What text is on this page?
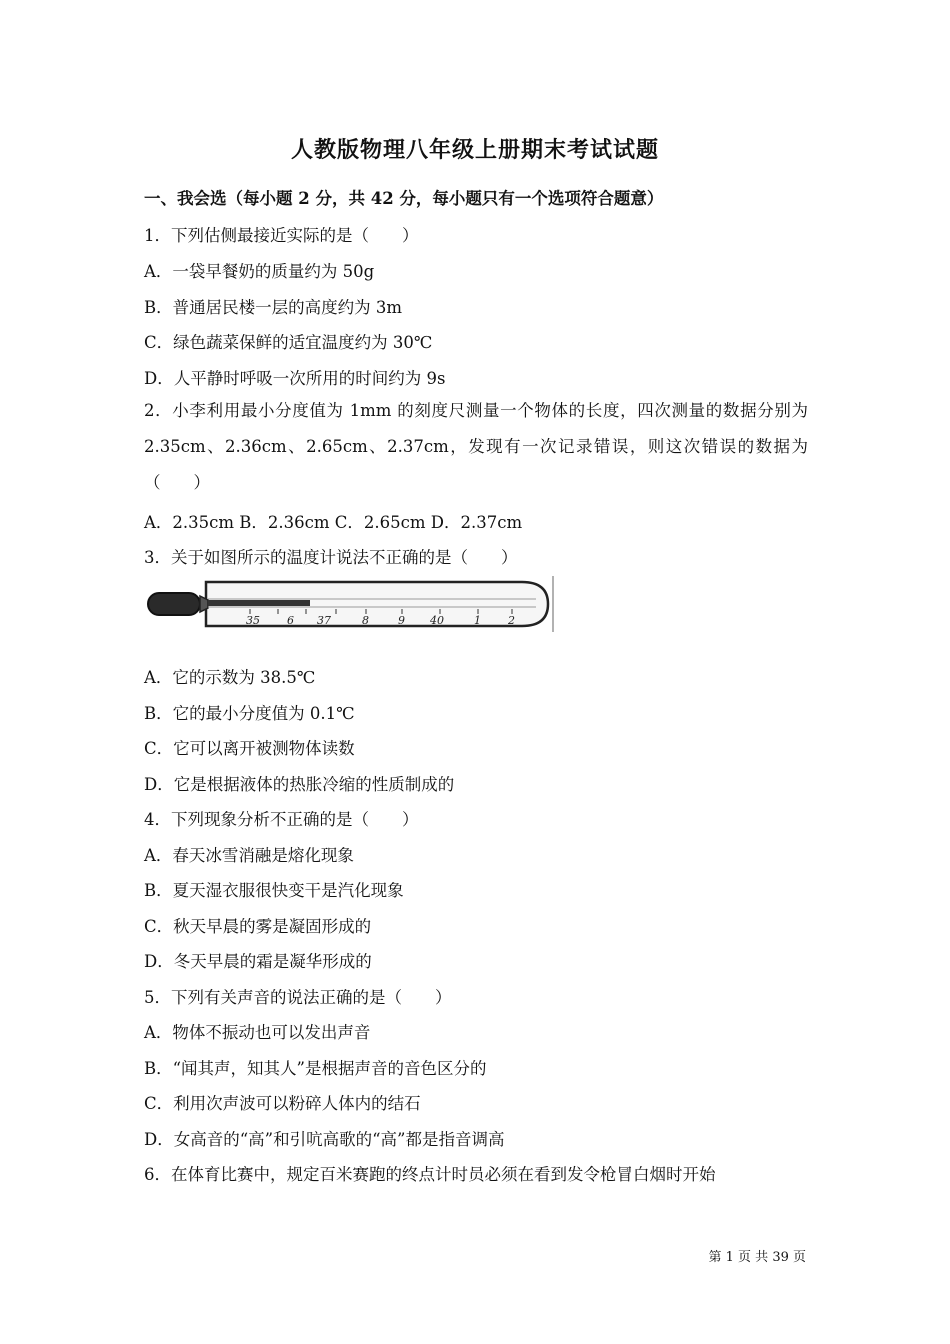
人教版物理八年级上册期末考试试题
一、我会选（每小题 2 分，共 42 分，每小题只有一个选项符合题意）
1．下列估侧最接近实际的是（　　）
A．一袋早餐奶的质量约为 50g
B．普通居民楼一层的高度约为 3m
C．绿色蔬菜保鲜的适宜温度约为 30℃
D．人平静时呼吸一次所用的时间约为 9s
2．小李利用最小分度值为 1mm 的刻度尺测量一个物体的长度，四次测量的数据分别为 2.35cm、2.36cm、2.65cm、2.37cm，发现有一次记录错误，则这次错误的数据为（　　）
A．2.35cm B．2.36cm C．2.65cm D．2.37cm
3．关于如图所示的温度计说法不正确的是（　　）
35 6 37	8	9 40	1 2
A．它的示数为 38.5℃
B．它的最小分度值为 0.1℃
C．它可以离开被测物体读数
D．它是根据液体的热胀冷缩的性质制成的
4．下列现象分析不正确的是（　　）
A．春天冰雪消融是熔化现象
B．夏天湿衣服很快变干是汽化现象
C．秋天早晨的雾是凝固形成的
D．冬天早晨的霜是凝华形成的
5．下列有关声音的说法正确的是（　　）
A．物体不振动也可以发出声音
B．“闻其声，知其人”是根据声音的音色区分的
C．利用次声波可以粉碎人体内的结石
D．女高音的“高”和引吭高歌的“高”都是指音调高
6．在体育比赛中，规定百米赛跑的终点计时员必须在看到发令枪冒白烟时开始
第 1 页 共 39 页
